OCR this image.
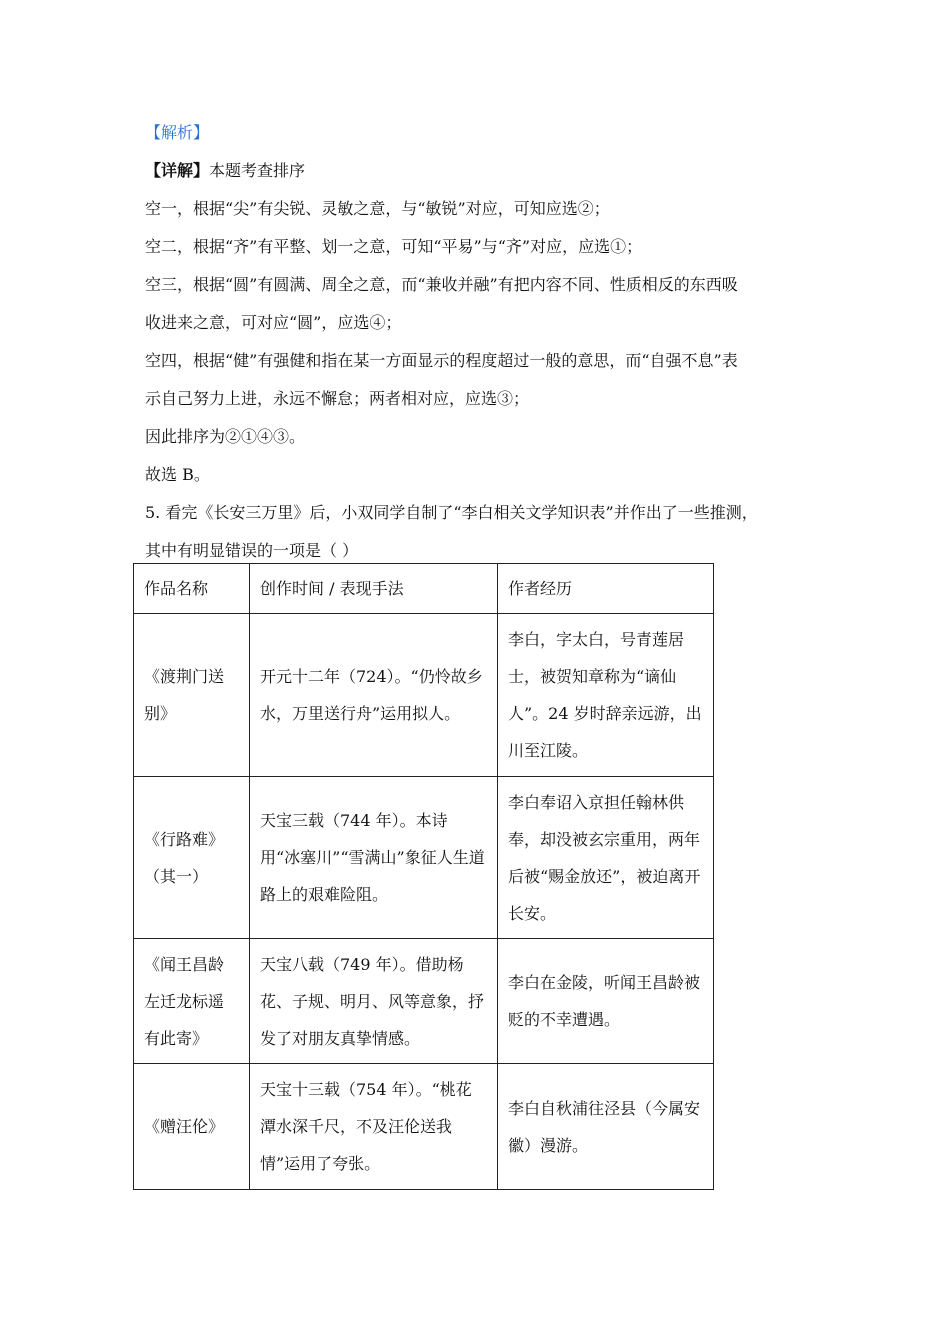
【解析】
【详解】本题考查排序
空一，根据“尖”有尖锐、灵敏之意，与“敏锐”对应，可知应选②；
空二，根据“齐”有平整、划一之意，可知“平易”与“齐”对应，应选①；
空三，根据“圆”有圆满、周全之意，而“兼收并融”有把内容不同、性质相反的东西吸
收进来之意，可对应“圆”，应选④；
空四，根据“健”有强健和指在某一方面显示的程度超过一般的意思，而“自强不息”表
示自己努力上进，永远不懈怠；两者相对应，应选③；
因此排序为②①④③。
故选 B。
5. 看完《长安三万里》后，小双同学自制了“李白相关文学知识表”并作出了一些推测，
其中有明显错误的一项是（ ）
作品名称	创作时间 / 表现手法	作者经历
《渡荆门送别》	开元十二年（724）。“仍怜故乡水，万里送行舟”运用拟人。	李白，字太白，号青莲居士，被贺知章称为“谪仙人”。24 岁时辞亲远游，出川至江陵。
《行路难》（其一）	天宝三载（744 年）。本诗用“冰塞川”“雪满山”象征人生道路上的艰难险阻。	李白奉诏入京担任翰林供奉，却没被玄宗重用，两年后被“赐金放还”，被迫离开长安。
《闻王昌龄左迁龙标遥有此寄》	天宝八载（749 年）。借助杨花、子规、明月、风等意象，抒发了对朋友真挚情感。	李白在金陵，听闻王昌龄被贬的不幸遭遇。
《赠汪伦》	天宝十三载（754 年）。“桃花潭水深千尺，不及汪伦送我情”运用了夸张。	李白自秋浦往泾县（今属安徽）漫游。
